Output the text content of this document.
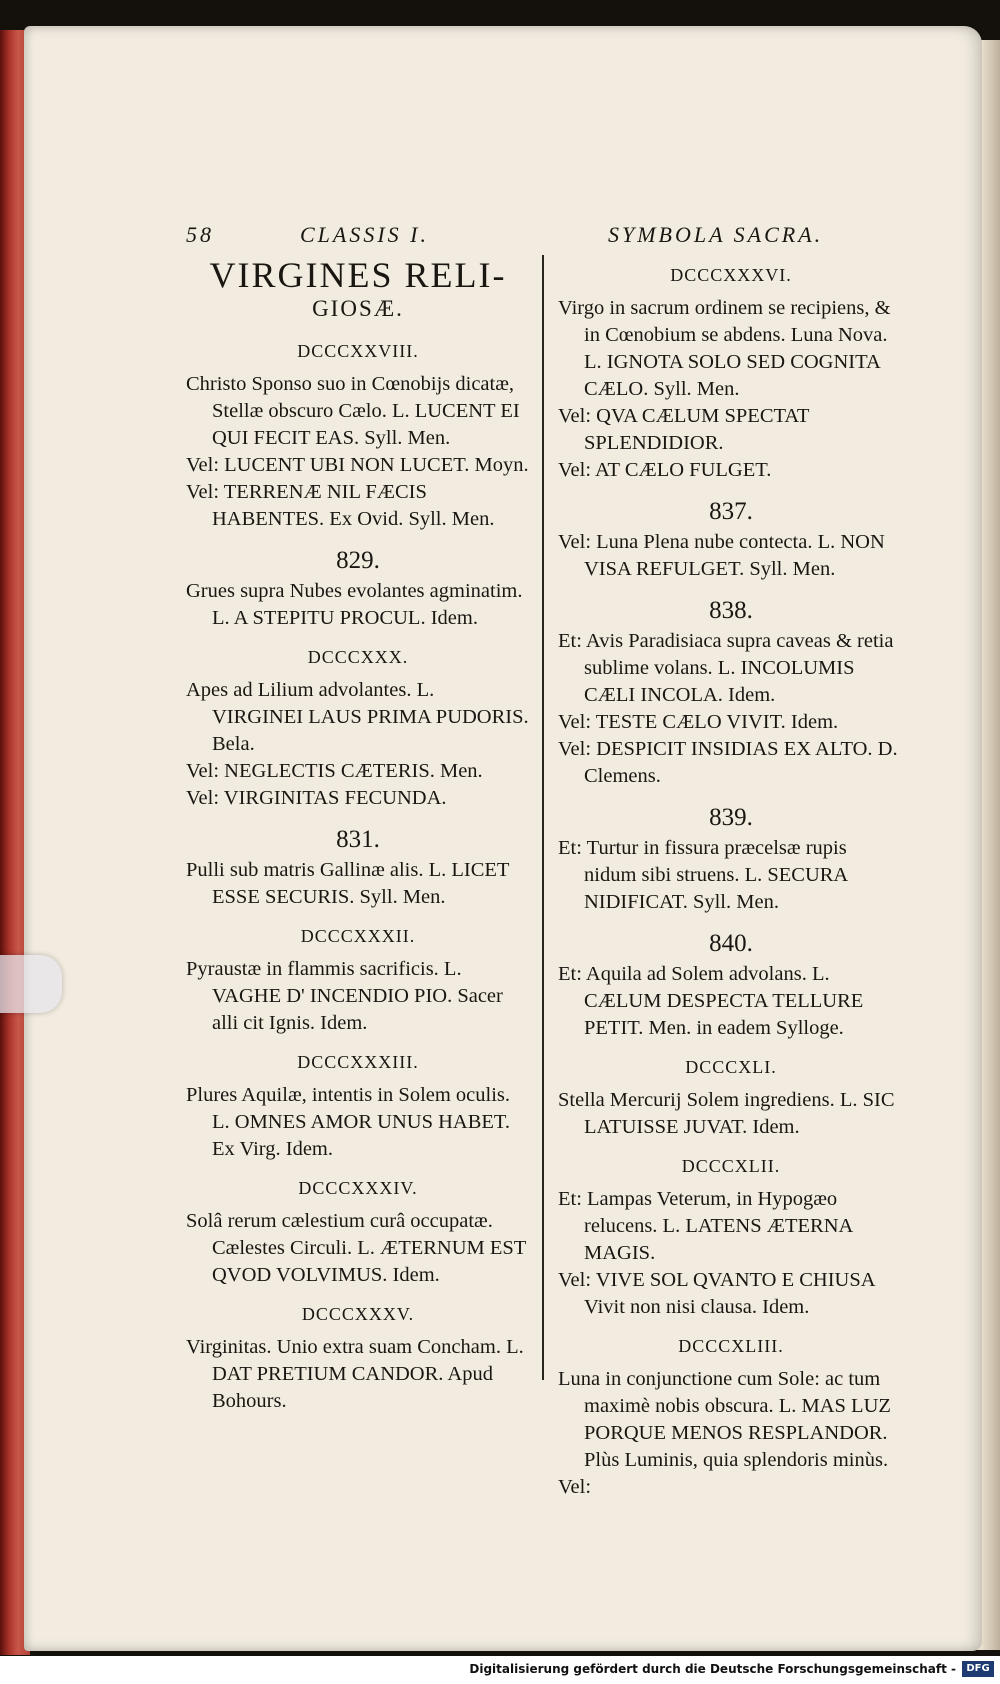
58	CLASSIS I.	SYMBOLA SACRA.
VIRGINES RELI-
GIOSÆ.
DCCCXXVIII.

Christo Sponso suo in Cœnobijs dicatæ, Stellæ obscuro Cælo. L. LUCENT EI QUI FECIT EAS. Syll. Men.

Vel: LUCENT UBI NON LUCET. Moyn.

Vel: TERRENÆ NIL FÆCIS HABENTES. Ex Ovid. Syll. Men.

829.

Grues supra Nubes evolantes agminatim. L. A STEPITU PROCUL. Idem.

DCCCXXX.

Apes ad Lilium advolantes. L. VIRGINEI LAUS PRIMA PUDORIS. Bela.

Vel: NEGLECTIS CÆTERIS. Men.

Vel: VIRGINITAS FECUNDA.

831.

Pulli sub matris Gallinæ alis. L. LICET ESSE SECURIS. Syll. Men.

DCCCXXXII.

Pyraustæ in flammis sacrificis. L. VAGHE D' INCENDIO PIO. Sacer alli cit Ignis. Idem.

DCCCXXXIII.

Plures Aquilæ, intentis in Solem oculis. L. OMNES AMOR UNUS HABET. Ex Virg. Idem.

DCCCXXXIV.

Solâ rerum cælestium curâ occupatæ. Cælestes Circuli. L. ÆTERNUM EST QVOD VOLVIMUS. Idem.

DCCCXXXV.

Virginitas. Unio extra suam Concham. L. DAT PRETIUM CANDOR. Apud Bohours.

DCCCXXXVI.

Virgo in sacrum ordinem se recipiens, & in Cœnobium se abdens. Luna Nova. L. IGNOTA SOLO SED COGNITA CÆLO. Syll. Men.

Vel: QVA CÆLUM SPECTAT SPLENDIDIOR.

Vel: AT CÆLO FULGET.

837.

Vel: Luna Plena nube contecta. L. NON VISA REFULGET. Syll. Men.

838.

Et: Avis Paradisiaca supra caveas & retia sublime volans. L. INCOLUMIS CÆLI INCOLA. Idem.

Vel: TESTE CÆLO VIVIT. Idem.

Vel: DESPICIT INSIDIAS EX ALTO. D. Clemens.

839.

Et: Turtur in fissura præcelsæ rupis nidum sibi struens. L. SECURA NIDIFICAT. Syll. Men.

840.

Et: Aquila ad Solem advolans. L. CÆLUM DESPECTA TELLURE PETIT. Men. in eadem Sylloge.

DCCCXLI.

Stella Mercurij Solem ingrediens. L. SIC LATUISSE JUVAT. Idem.

DCCCXLII.

Et: Lampas Veterum, in Hypogæo relucens. L. LATENS ÆTERNA MAGIS.

Vel: VIVE SOL QVANTO E CHIUSA Vivit non nisi clausa. Idem.

DCCCXLIII.

Luna in conjunctione cum Sole: ac tum maximè nobis obscura. L. MAS LUZ PORQUE MENOS RESPLANDOR. Plùs Luminis, quia splendoris minùs.

Vel:

Digitalisierung gefördert durch die Deutsche Forschungsgemeinschaft -	DFG
